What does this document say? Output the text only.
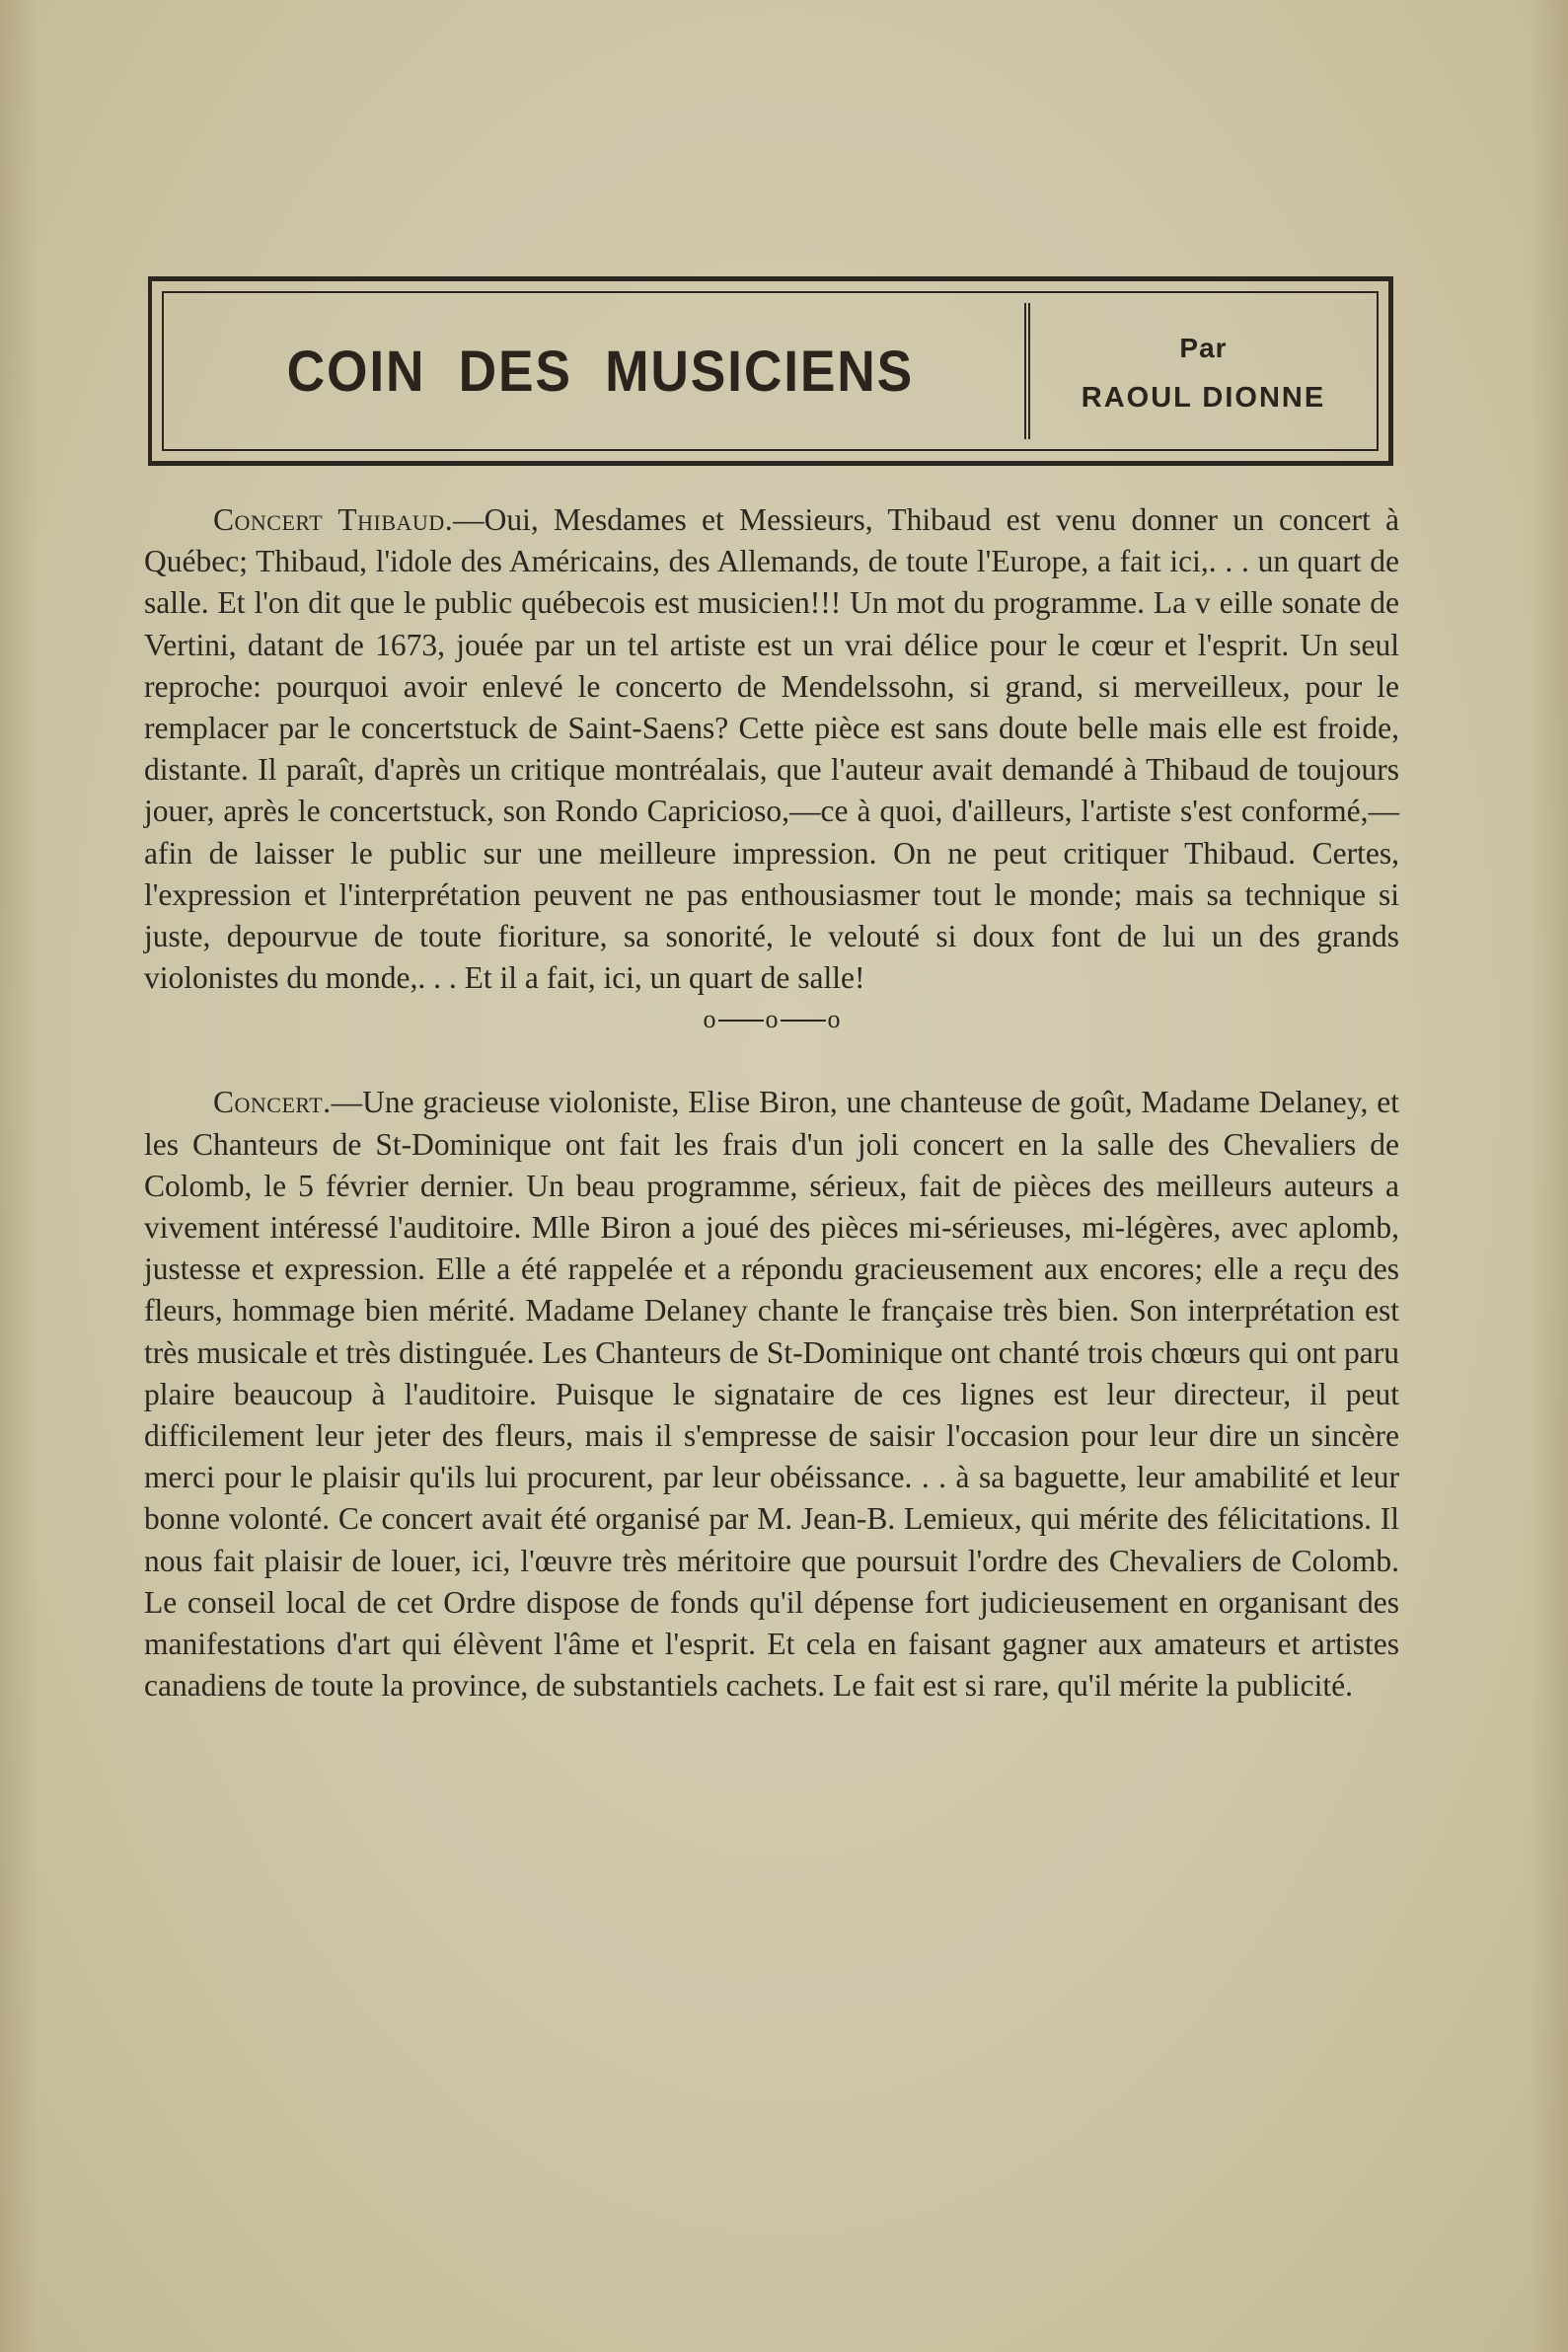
COIN DES MUSICIENS	Par
RAOUL DIONNE

Concert Thibaud.—Oui, Mesdames et Messieurs, Thibaud est venu donner un concert à Québec; Thibaud, l'idole des Américains, des Allemands, de toute l'Europe, a fait ici,. . . un quart de salle. Et l'on dit que le public québecois est musicien!!! Un mot du programme. La v eille sonate de Vertini, datant de 1673, jouée par un tel artiste est un vrai délice pour le cœur et l'esprit. Un seul reproche: pourquoi avoir enlevé le concerto de Mendelssohn, si grand, si merveilleux, pour le remplacer par le concertstuck de Saint-Saens? Cette pièce est sans doute belle mais elle est froide, distante. Il paraît, d'après un critique montréalais, que l'auteur avait demandé à Thibaud de toujours jouer, après le concertstuck, son Rondo Capricioso,—ce à quoi, d'ailleurs, l'artiste s'est conformé,—afin de laisser le public sur une meilleure impression. On ne peut critiquer Thibaud. Certes, l'expression et l'interprétation peuvent ne pas enthousiasmer tout le monde; mais sa technique si juste, depourvue de toute fioriture, sa sonorité, le velouté si doux font de lui un des grands violonistes du monde,. . . Et il a fait, ici, un quart de salle!

o o o

Concert.—Une gracieuse violoniste, Elise Biron, une chanteuse de goût, Madame Delaney, et les Chanteurs de St-Dominique ont fait les frais d'un joli concert en la salle des Chevaliers de Colomb, le 5 février dernier. Un beau programme, sérieux, fait de pièces des meilleurs auteurs a vivement intéressé l'auditoire. Mlle Biron a joué des pièces mi-sérieuses, mi-légères, avec aplomb, justesse et expression. Elle a été rappelée et a répondu gracieusement aux encores; elle a reçu des fleurs, hommage bien mérité. Madame Delaney chante le française très bien. Son interprétation est très musicale et très distinguée. Les Chanteurs de St-Dominique ont chanté trois chœurs qui ont paru plaire beaucoup à l'auditoire. Puisque le signataire de ces lignes est leur directeur, il peut difficilement leur jeter des fleurs, mais il s'empresse de saisir l'occasion pour leur dire un sincère merci pour le plaisir qu'ils lui procurent, par leur obéissance. . . à sa baguette, leur amabilité et leur bonne volonté. Ce concert avait été organisé par M. Jean-B. Lemieux, qui mérite des félicitations. Il nous fait plaisir de louer, ici, l'œuvre très méritoire que poursuit l'ordre des Chevaliers de Colomb. Le conseil local de cet Ordre dispose de fonds qu'il dépense fort judicieusement en organisant des manifestations d'art qui élèvent l'âme et l'esprit. Et cela en faisant gagner aux amateurs et artistes canadiens de toute la province, de substantiels cachets. Le fait est si rare, qu'il mérite la publicité.
